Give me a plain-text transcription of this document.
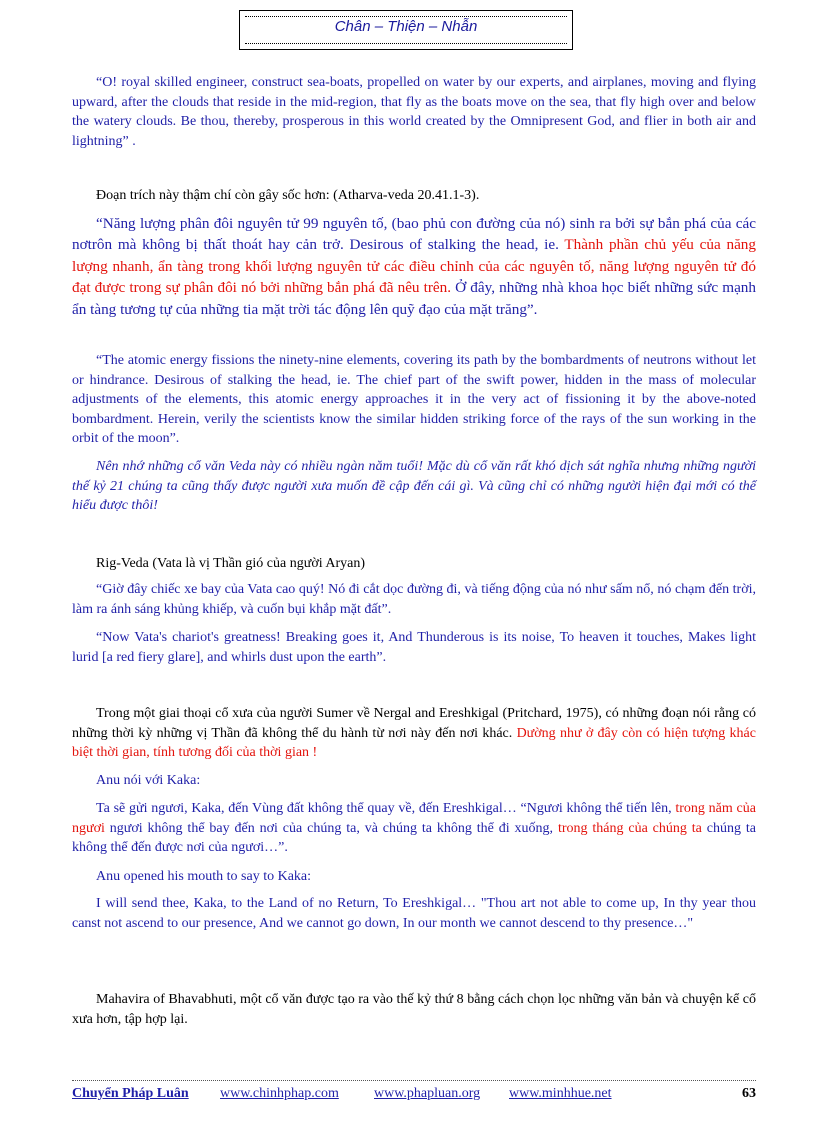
Chân – Thiện – Nhẫn

“O! royal skilled engineer, construct sea-boats, propelled on water by our experts, and airplanes, moving and flying upward, after the clouds that reside in the mid-region, that fly as the boats move on the sea, that fly high over and below the watery clouds. Be thou, thereby, prosperous in this world created by the Omnipresent God, and flier in both air and lightning” .

Đoạn trích này thậm chí còn gây sốc hơn: (Atharva-veda 20.41.1-3).

“Năng lượng phân đôi nguyên tử 99 nguyên tố, (bao phủ con đường của nó) sinh ra bởi sự bắn phá của các nơtrôn mà không bị thất thoát hay cản trở. Desirous of stalking the head, ie. Thành phần chủ yếu của năng lượng nhanh, ẩn tàng trong khối lượng nguyên tử các điều chỉnh của các nguyên tố, năng lượng nguyên tử đó đạt được trong sự phân đôi nó bởi những bắn phá đã nêu trên. Ở đây, những nhà khoa học biết những sức mạnh ẩn tàng tương tự của những tia mặt trời tác động lên quỹ đạo của mặt trăng”.

“The atomic energy fissions the ninety-nine elements, covering its path by the bombardments of neutrons without let or hindrance. Desirous of stalking the head, ie. The chief part of the swift power, hidden in the mass of molecular adjustments of the elements, this atomic energy approaches it in the very act of fissioning it by the above-noted bombardment. Herein, verily the scientists know the similar hidden striking force of the rays of the sun working in the orbit of the moon”.

Nên nhớ những cổ văn Veda này có nhiều ngàn năm tuổi! Mặc dù cổ văn rất khó dịch sát nghĩa nhưng những người thế kỷ 21 chúng ta cũng thấy được người xưa muốn đề cập đến cái gì. Và cũng chỉ có những người hiện đại mới có thể hiểu được thôi!

Rig-Veda (Vata là vị Thần gió của người Aryan)

“Giờ đây chiếc xe bay của Vata cao quý! Nó đi cắt dọc đường đi, và tiếng động của nó như sấm nổ, nó chạm đến trời, làm ra ánh sáng khủng khiếp, và cuốn bụi khắp mặt đất”.

“Now Vata's chariot's greatness! Breaking goes it, And Thunderous is its noise, To heaven it touches, Makes light lurid [a red fiery glare], and whirls dust upon the earth”.

Trong một giai thoại cổ xưa của người Sumer về Nergal and Ereshkigal (Pritchard, 1975), có những đoạn nói rằng có những thời kỳ những vị Thần đã không thể du hành từ nơi này đến nơi khác. Dường như ở đây còn có hiện tượng khác biệt thời gian, tính tương đối của thời gian !

Anu nói với Kaka:

Ta sẽ gửi ngươi, Kaka, đến Vùng đất không thể quay về, đến Ereshkigal… “Ngươi không thể tiến lên, trong năm của ngươi ngươi không thể bay đến nơi của chúng ta, và chúng ta không thể đi xuống, trong tháng của chúng ta chúng ta không thể đến được nơi của ngươi…”.

Anu opened his mouth to say to Kaka:

I will send thee, Kaka, to the Land of no Return, To Ereshkigal… "Thou art not able to come up, In thy year thou canst not ascend to our presence, And we cannot go down, In our month we cannot descend to thy presence…"

Mahavira of Bhavabhuti, một cổ văn được tạo ra vào thế kỷ thứ 8 bằng cách chọn lọc những văn bản và chuyện kể cổ xưa hơn, tập hợp lại.

Chuyển Pháp Luân www.chinhphap.com	www.phapluan.org www.minhhue.net	63
